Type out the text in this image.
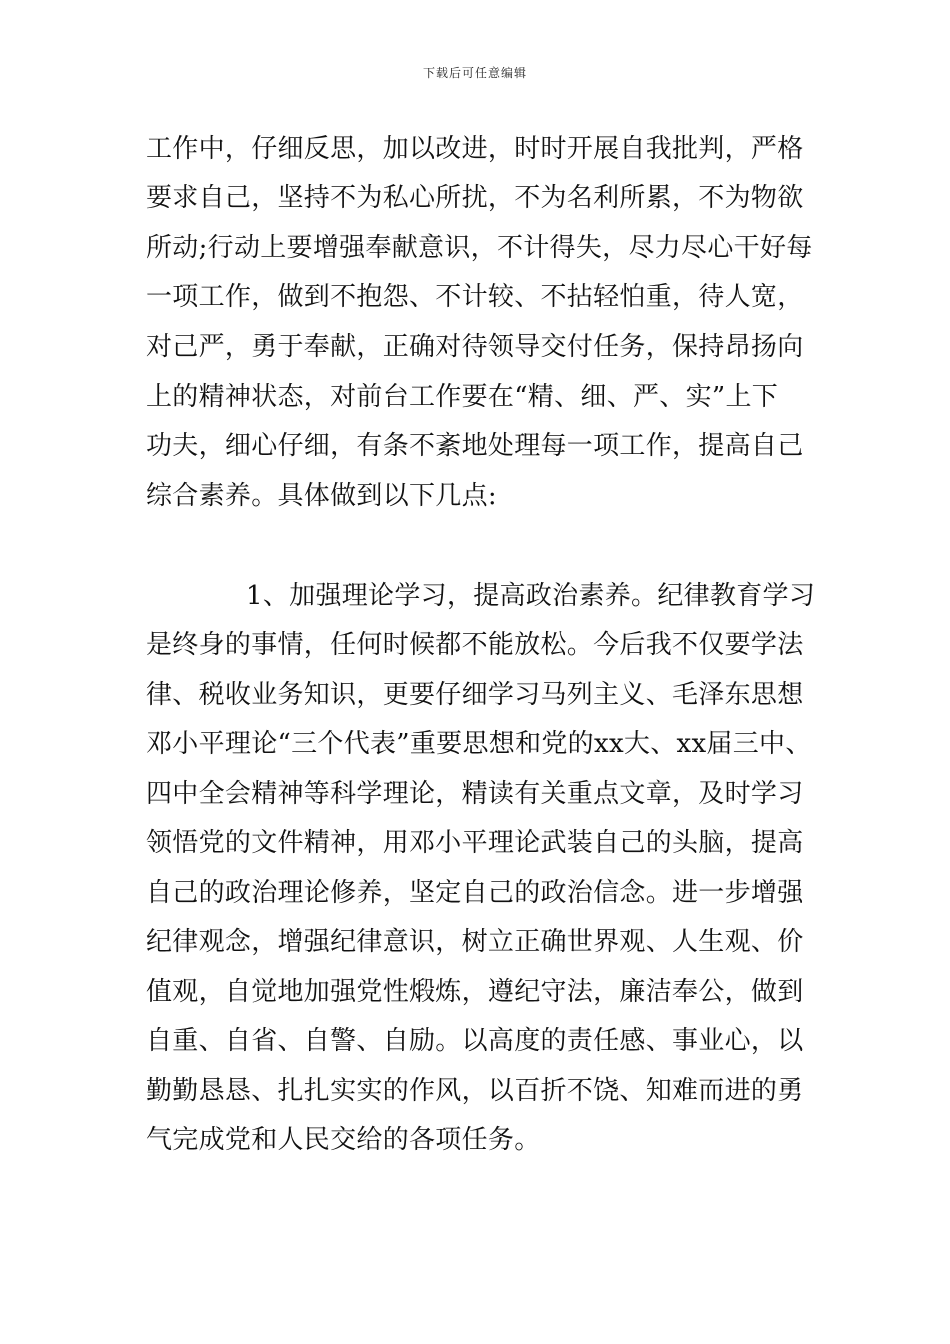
下载后可任意编辑
工作中，仔细反思，加以改进，时时开展自我批判，严格
要求自己，坚持不为私心所扰，不为名利所累，不为物欲
所动;行动上要增强奉献意识，不计得失，尽力尽心干好每
一项工作，做到不抱怨、不计较、不拈轻怕重，待人宽，
对己严，勇于奉献，正确对待领导交付任务，保持昂扬向
上的精神状态，对前台工作要在“精、细、严、实”上下
功夫，细心仔细，有条不紊地处理每一项工作，提高自己
综合素养。具体做到以下几点:
1、加强理论学习，提高政治素养。纪律教育学习
是终身的事情，任何时候都不能放松。今后我不仅要学法
律、税收业务知识，更要仔细学习马列主义、毛泽东思想
邓小平理论“三个代表”重要思想和党的xx大、xx届三中、
四中全会精神等科学理论，精读有关重点文章，及时学习
领悟党的文件精神，用邓小平理论武装自己的头脑，提高
自己的政治理论修养，坚定自己的政治信念。进一步增强
纪律观念，增强纪律意识，树立正确世界观、人生观、价
值观，自觉地加强党性煅炼，遵纪守法，廉洁奉公，做到
自重、自省、自警、自励。以高度的责任感、事业心，以
勤勤恳恳、扎扎实实的作风，以百折不饶、知难而进的勇
气完成党和人民交给的各项任务。
